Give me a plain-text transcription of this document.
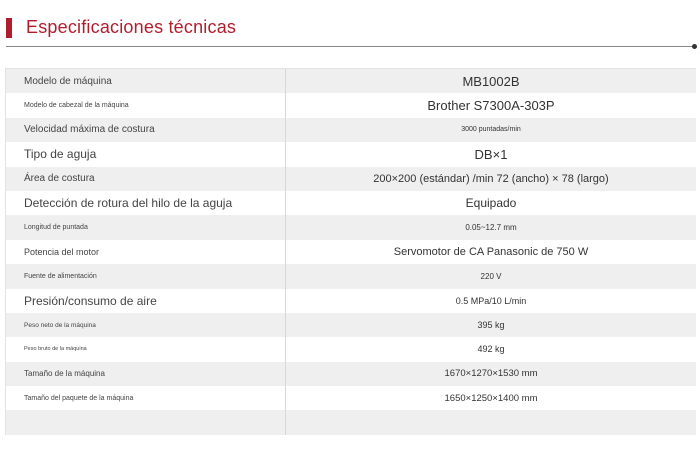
Especificaciones técnicas
Modelo de máquina	MB1002B
Modelo de cabezal de la máquina	Brother S7300A-303P
Velocidad máxima de costura	3000 puntadas/min
Tipo de aguja	DB×1
Área de costura	200×200 (estándar) /min 72 (ancho) × 78 (largo)
Detección de rotura del hilo de la aguja	Equipado
Longitud de puntada	0.05~12.7 mm
Potencia del motor	Servomotor de CA Panasonic de 750 W
Fuente de alimentación	220 V
Presión/consumo de aire	0.5 MPa/10 L/min
Peso neto de la máquina	395 kg
Peso bruto de la máquina	492 kg
Tamaño de la máquina	1670×1270×1530 mm
Tamaño del paquete de la máquina	1650×1250×1400 mm
